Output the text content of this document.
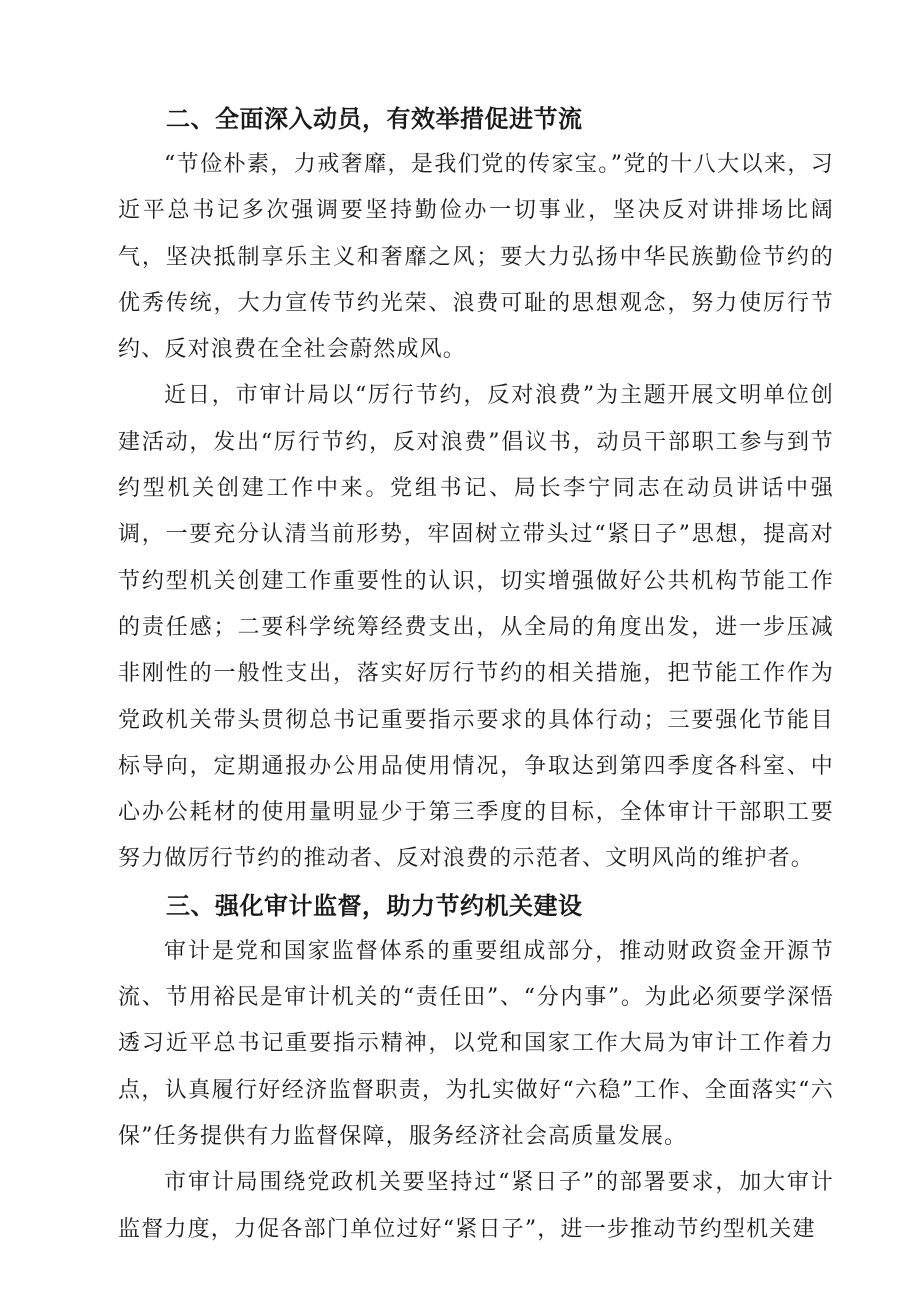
二、全面深入动员，有效举措促进节流

“节俭朴素，力戒奢靡，是我们党的传家宝。”党的十八大以来，习近平总书记多次强调要坚持勤俭办一切事业，坚决反对讲排场比阔气，坚决抵制享乐主义和奢靡之风；要大力弘扬中华民族勤俭节约的优秀传统，大力宣传节约光荣、浪费可耻的思想观念，努力使厉行节约、反对浪费在全社会蔚然成风。

近日，市审计局以“厉行节约，反对浪费”为主题开展文明单位创建活动，发出“厉行节约，反对浪费”倡议书，动员干部职工参与到节约型机关创建工作中来。党组书记、局长李宁同志在动员讲话中强调，一要充分认清当前形势，牢固树立带头过“紧日子”思想，提高对节约型机关创建工作重要性的认识，切实增强做好公共机构节能工作的责任感；二要科学统筹经费支出，从全局的角度出发，进一步压减非刚性的一般性支出，落实好厉行节约的相关措施，把节能工作作为党政机关带头贯彻总书记重要指示要求的具体行动；三要强化节能目标导向，定期通报办公用品使用情况，争取达到第四季度各科室、中心办公耗材的使用量明显少于第三季度的目标，全体审计干部职工要努力做厉行节约的推动者、反对浪费的示范者、文明风尚的维护者。

三、强化审计监督，助力节约机关建设

审计是党和国家监督体系的重要组成部分，推动财政资金开源节流、节用裕民是审计机关的“责任田”、“分内事”。为此必须要学深悟透习近平总书记重要指示精神，以党和国家工作大局为审计工作着力点，认真履行好经济监督职责，为扎实做好“六稳”工作、全面落实“六保”任务提供有力监督保障，服务经济社会高质量发展。

市审计局围绕党政机关要坚持过“紧日子”的部署要求，加大审计监督力度，力促各部门单位过好“紧日子”，进一步推动节约型机关建
